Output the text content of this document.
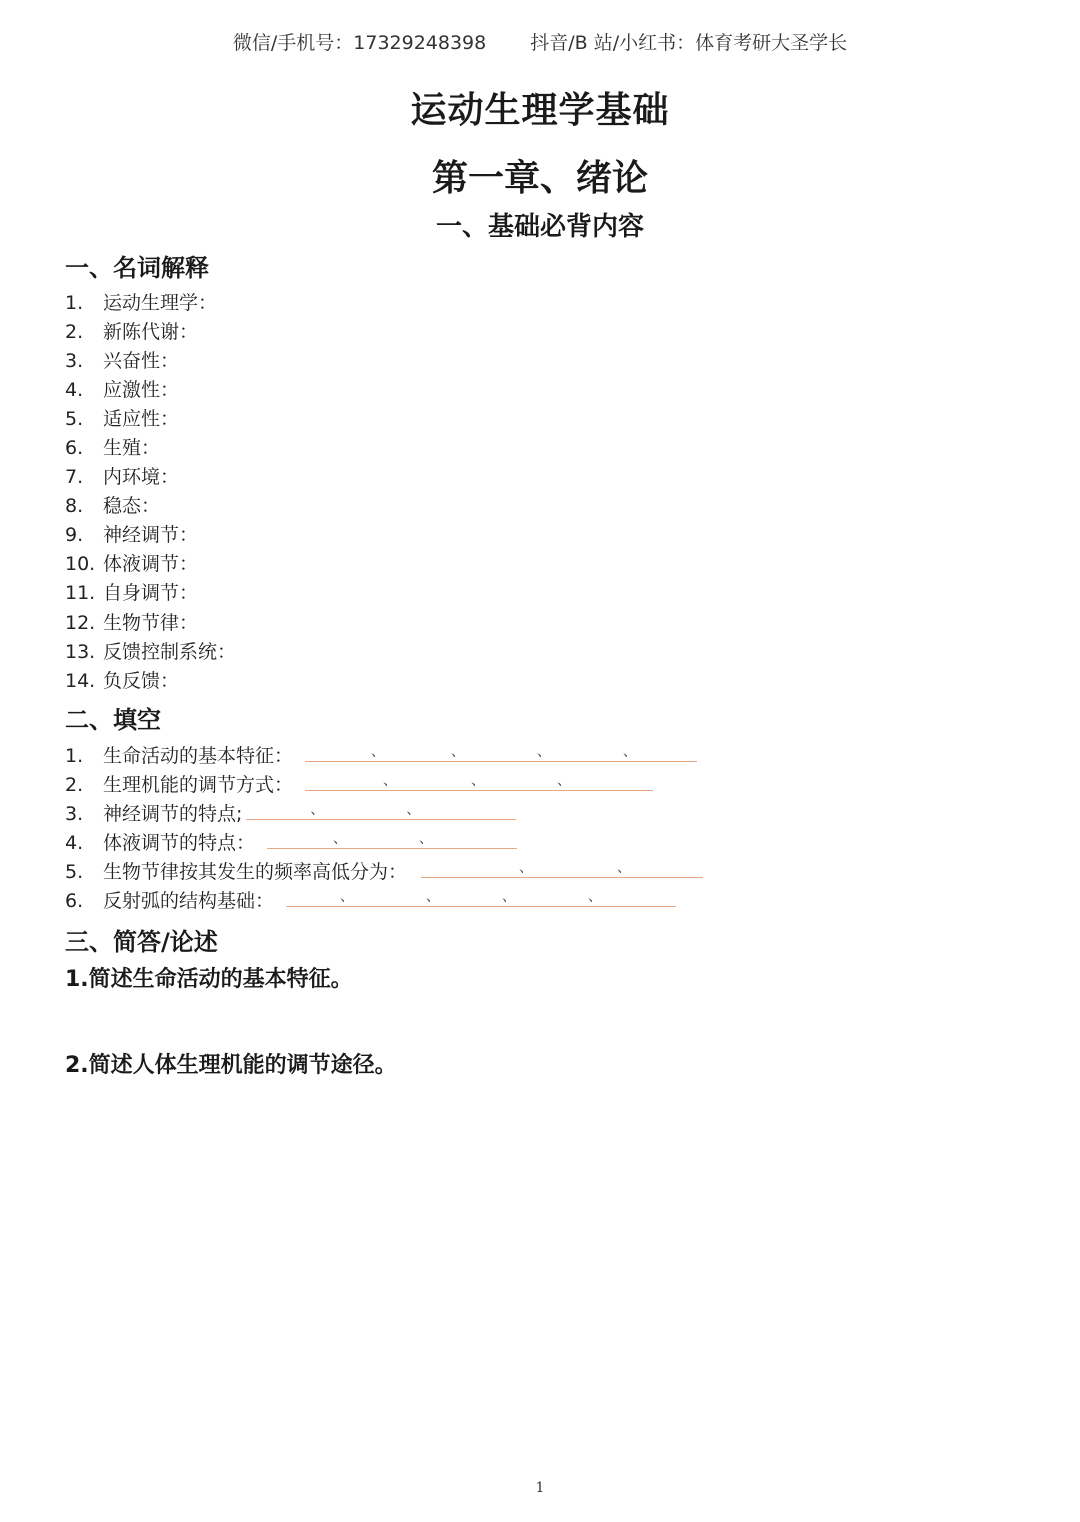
微信/手机号：17329248398 抖音/B 站/小红书：体育考研大圣学长
运动生理学基础
第一章、绪论
一、基础必背内容
一、名词解释
1. 运动生理学：
2. 新陈代谢：
3. 兴奋性：
4. 应激性：
5. 适应性：
6. 生殖：
7. 内环境：
8. 稳态：
9. 神经调节：
10. 体液调节：
11. 自身调节：
12. 生物节律：
13. 反馈控制系统：
14. 负反馈：
二、填空
1. 生命活动的基本特征：	、	、	、	、
2. 生理机能的调节方式：	、	、	、
3. 神经调节的特点;	、	、
4. 体液调节的特点：	、	、
5. 生物节律按其发生的频率高低分为：	、	、
6. 反射弧的结构基础：	、	、	、	、
三、简答/论述
1.简述生命活动的基本特征。
2.简述人体生理机能的调节途径。
1
